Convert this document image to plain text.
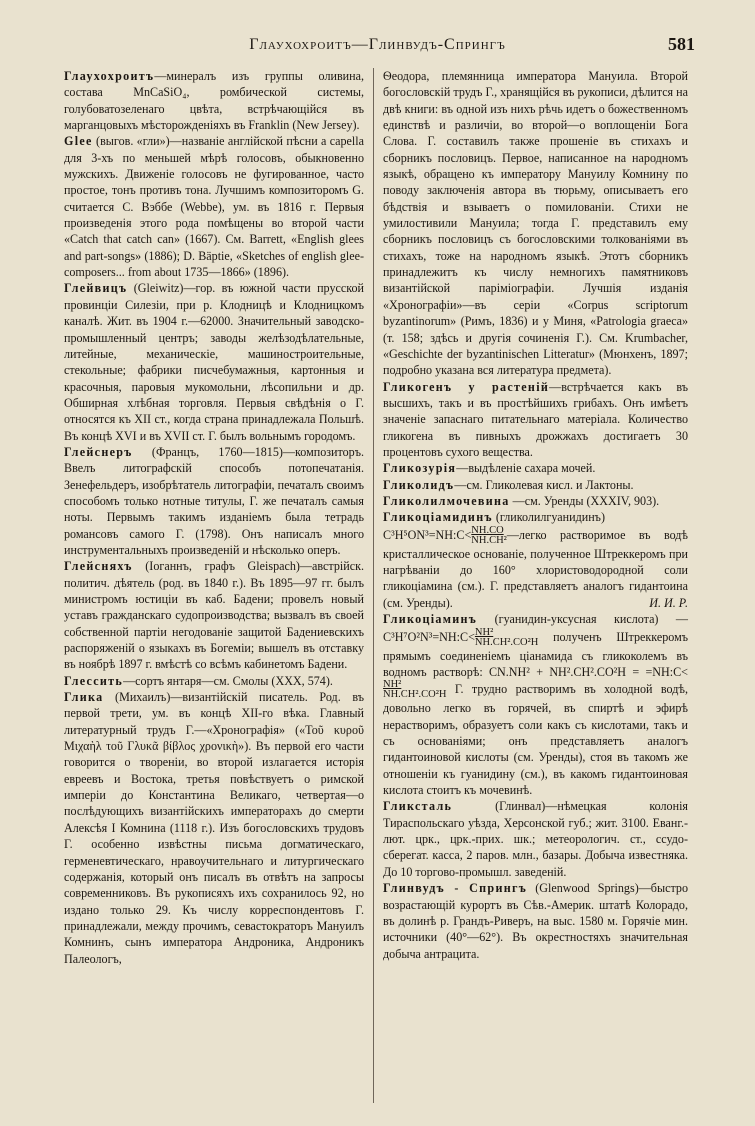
Глаухохроитъ—Глинвудъ-Спрингъ	581

Глаухохроитъ—минералъ изъ группы оливина, состава MnCaSiO₄, ромбической системы, голубоватозеленаго цвѣта, встрѣчающійся въ марганцовыхъ мѣсторожденіяхъ въ Franklin (New Jersey).

Glee (выгов. «гли»)—названіе англійской пѣсни a capella для 3-хъ по меньшей мѣрѣ голосовъ, обыкновенно мужскихъ. Движеніе голосовъ не фугированное, часто простое, тонъ противъ тона. Лучшимъ композиторомъ G. считается С. Вэббе (Webbe), ум. въ 1816 г. Первыя произведенія этого рода помѣщены во второй части «Catch that catch can» (1667). См. Barrett, «English glees and part-songs» (1886); D. Bäptie, «Sketches of english glee-composers... from about 1735—1866» (1896).

Глейвицъ (Gleiwitz)—гор. въ южной части прусской провинціи Силезіи, при р. Клодницѣ и Клодницкомъ каналѣ. Жит. въ 1904 г.—62000. Значительный заводско-промышленный центръ; заводы желѣзодѣлательные, литейные, механическіе, машиностроительные, стекольные; фабрики писчебумажныя, картонныя и красочныя, паровыя мукомольни, лѣсопильни и др. Обширная хлѣбная торговля. Первыя свѣдѣнія о Г. относятся къ XII ст., когда страна принадлежала Польшѣ. Въ концѣ XVI и въ XVII ст. Г. былъ вольнымъ городомъ.

Глейснеръ (Францъ, 1760—1815)—композиторъ. Ввелъ литографскій способъ потопечатанія. Зенефельдеръ, изобрѣтатель литографіи, печаталъ своимъ способомъ только нотные титулы, Г. же печаталъ самыя ноты. Первымъ такимъ изданіемъ была тетрадь романсовъ самого Г. (1798). Онъ написалъ много инструментальныхъ произведеній и нѣсколько оперъ.

Глейсняхъ (Іоганнъ, графъ Gleispach)—австрійск. политич. дѣятель (род. въ 1840 г.). Въ 1895—97 гг. былъ министромъ юстиціи въ каб. Бадени; провелъ новый уставъ гражданскаго судопроизводства; вызвалъ въ своей собственной партіи негодованіе защитой Бадениевскихъ распоряженій о языкахъ въ Богеміи; вышелъ въ отставку въ ноябрѣ 1897 г. вмѣстѣ со всѣмъ кабинетомъ Бадени.

Глессить—сортъ янтаря—см. Смолы (XXX, 574).

Глика (Михаилъ)—византійскій писатель. Род. въ первой трети, ум. въ концѣ XII-го вѣка. Главный литературный трудъ Г.—«Хронографія» («Τοῦ κυροῦ Μιχαὴλ τοῦ Γλυκᾶ βίβλος χρονικὴ»). Въ первой его части говорится о твореніи, во второй излагается исторія евреевъ и Востока, третья повѣствуетъ о римской имперіи до Константина Великаго, четвертая—о послѣдующихъ византійскихъ императорахъ до смерти Алексѣя I Комнина (1118 г.). Изъ богословскихъ трудовъ Г. особенно извѣстны письма догматическаго, герменевтическаго, нравоучительнаго и литургическаго содержанія, который онъ писалъ въ отвѣтъ на запросы современниковъ. Въ рукописяхъ ихъ сохранилось 92, но издано только 29. Къ числу корреспондентовъ Г. принадлежали, между прочимъ, севастократоръ Мануилъ Комнинъ, сынъ императора Андроника, Андроникъ Палеологъ,

Ѳеодора, племянница императора Мануила. Второй богословскій трудъ Г., хранящійся въ рукописи, дѣлится на двѣ книги: въ одной изъ нихъ рѣчь идетъ о божественномъ единствѣ и различіи, во второй—о воплощеніи Бога Слова. Г. составилъ также прошеніе въ стихахъ и сборникъ пословицъ. Первое, написанное на народномъ языкѣ, обращено къ императору Мануилу Комнину по поводу заключенія автора въ тюрьму, описываетъ его бѣдствія и взываетъ о помилованіи. Стихи не умилостивили Мануила; тогда Г. представилъ ему сборникъ пословицъ съ богословскими толкованіями въ стихахъ, тоже на народномъ языкѣ. Этотъ сборникъ принадлежитъ къ числу немногихъ памятниковъ византійской паріміографіи. Лучшія изданія «Хронографіи»—въ серіи «Corpus scriptorum byzantinorum» (Римъ, 1836) и у Миня, «Patrologia graeca» (т. 158; здѣсь и другія сочиненія Г.). См. Krumbacher, «Geschichte der byzantinischen Litteratur» (Мюнхенъ, 1897; подробно указана вся литература предмета).

Гликогенъ у растеній—встрѣчается какъ въ высшихъ, такъ и въ простѣйшихъ грибахъ. Онъ имѣетъ значеніе запаснаго питательнаго матеріала. Количество гликогена въ пивныхъ дрожжахъ достигаетъ 30 процентовъ сухого вещества.

Гликозурія—выдѣленіе сахара мочей.

Гликолидъ—см. Гликолевая кисл. и Лактоны.

Гликолилмочевина —см. Уренды (XXXIV, 903).

Гликоціамидинъ (гликолилгуанидинъ)
C³H⁵ON³=NH:C< $\frac{NH.CO}{\text{NH.CH²}}$ —легко растворимое въ водѣ кристаллическое основаніе, полученное Штреккеромъ при нагрѣваніи до 160° хлористоводородной соли гликоціамина (см.). Г. представляетъ аналогъ гидантоина (см. Уренды).	И. И. Р.

Гликоціаминъ (гуанидин-уксусная кислота) — C³H⁷O²N³=NH:C< $\frac{\text{NH²}}{\text{NH.CH².CO²H}}$ полученъ Штреккеромъ прямымъ соединеніемъ ціанамида съ гликоколемъ въ водномъ растворѣ: CN.NH² + NH².CH².CO²H = =NH:C<
$\frac{\text{NH²}}{\text{NH.CH².CO²H}} Г$. трудно растворимъ въ холодной водѣ, довольно легко въ горячей, въ спиртѣ и эфирѣ нерастворимъ, образуетъ соли какъ съ кислотами, такъ и съ основаніями; онъ представляетъ аналогъ гидантоиновой кислоты (см. Уренды), стоя въ такомъ же отношеніи къ гуанидину (см.), въ какомъ гидантоиновая кислота стоитъ къ мочевинѣ.

Гликсталь	(Глинвал)—нѣмецкая колонія Тираспольскаго уѣзда, Херсонской губ.; жит. 3100. Еванг.-лют. црк., црк.-прих. шк.; метеорологич. ст., ссудо-сберегат. касса, 2 паров. млн., базары. Добыча известняка. До 10 торгово-промышл. заведеній.

Глинвудъ - Спрингъ (Glenwood Springs)—быстро возрастающій курортъ въ Сѣв.-Америк. штатѣ Колорадо, въ долинѣ р. Грандъ-Риверъ, на выс. 1580 м. Горячіе мин. источники (40°—62°). Въ окрестностяхъ значительная добыча антрацита.
